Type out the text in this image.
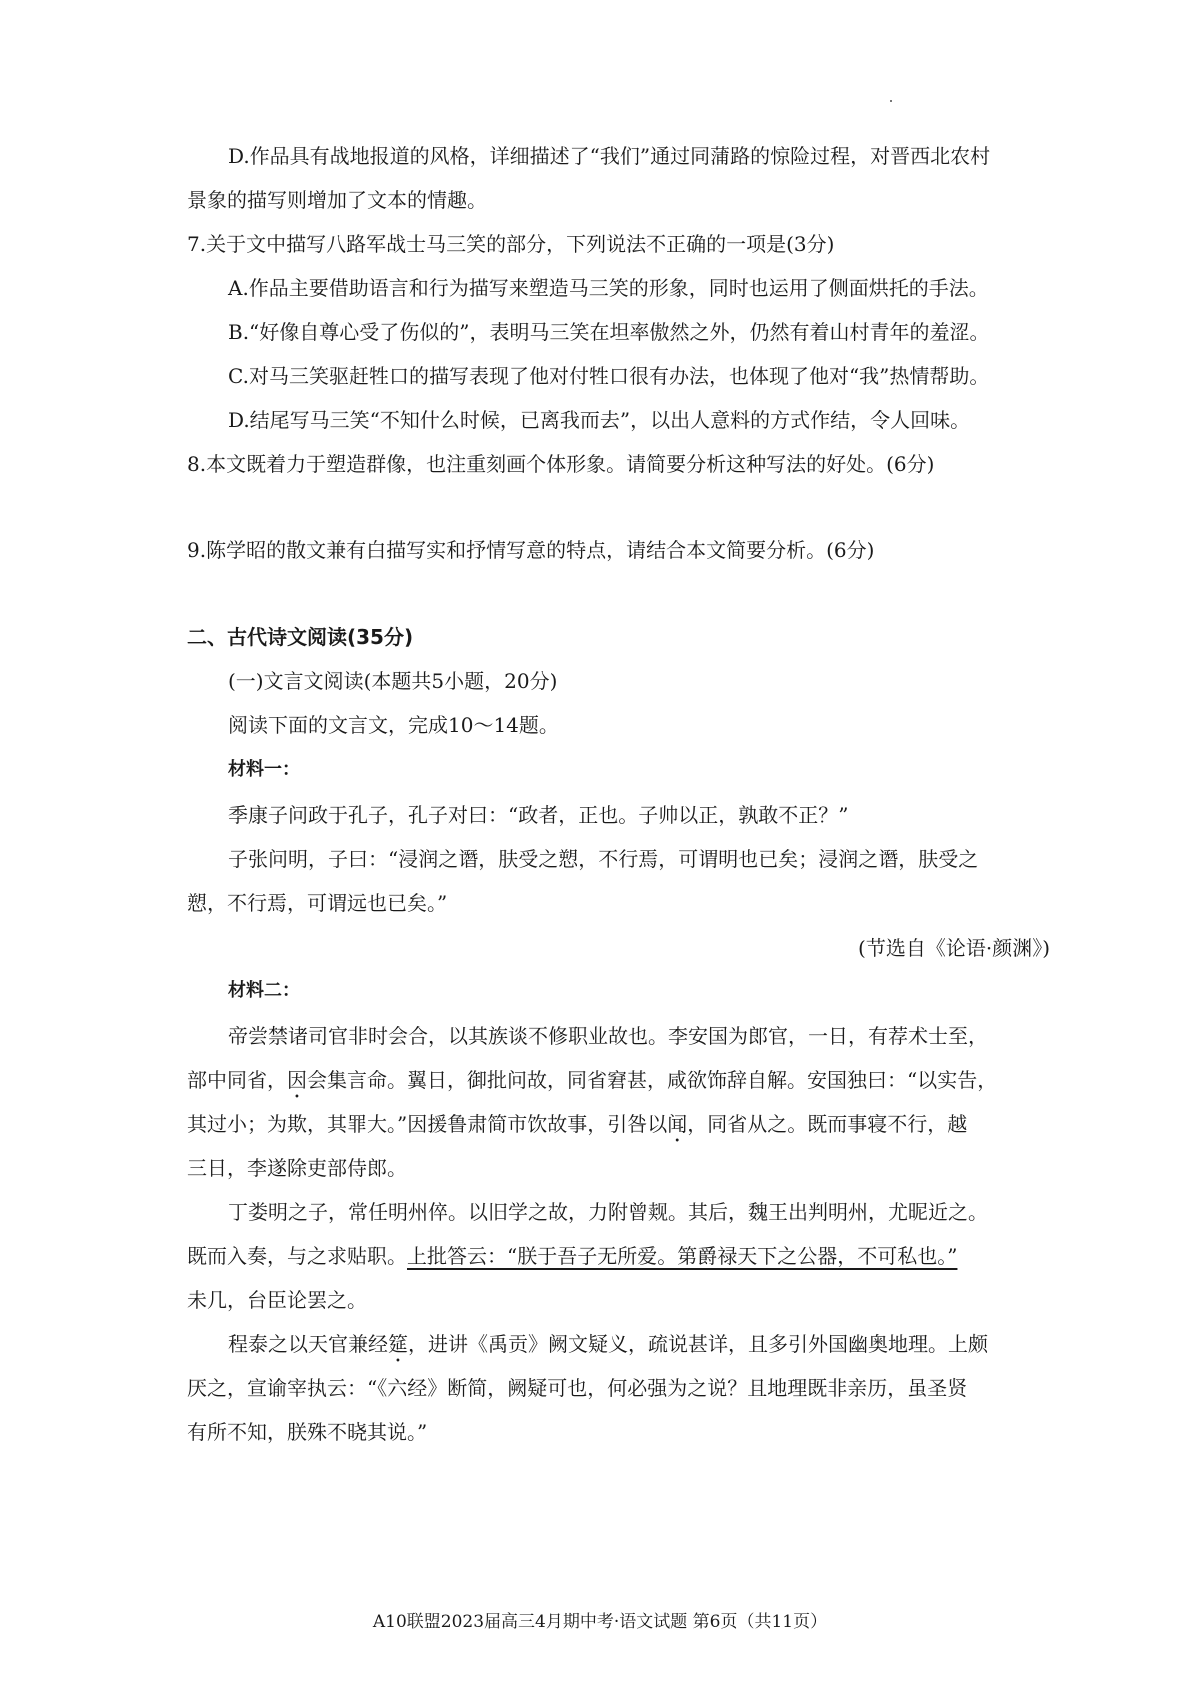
D.作品具有战地报道的风格，详细描述了“我们”通过同蒲路的惊险过程，对晋西北农村
景象的描写则增加了文本的情趣。
7.关于文中描写八路军战士马三笑的部分，下列说法不正确的一项是(3分)
A.作品主要借助语言和行为描写来塑造马三笑的形象，同时也运用了侧面烘托的手法。
B.“好像自尊心受了伤似的”，表明马三笑在坦率傲然之外，仍然有着山村青年的羞涩。
C.对马三笑驱赶牲口的描写表现了他对付牲口很有办法，也体现了他对“我”热情帮助。
D.结尾写马三笑“不知什么时候，已离我而去”，以出人意料的方式作结，令人回味。
8.本文既着力于塑造群像，也注重刻画个体形象。请简要分析这种写法的好处。(6分)
9.陈学昭的散文兼有白描写实和抒情写意的特点，请结合本文简要分析。(6分)
二、古代诗文阅读(35分)
(一)文言文阅读(本题共5小题，20分)
阅读下面的文言文，完成10～14题。
材料一：
季康子问政于孔子，孔子对曰：“政者，正也。子帅以正，孰敢不正？”
子张问明，子曰：“浸润之谮，肤受之愬，不行焉，可谓明也已矣；浸润之谮，肤受之
愬，不行焉，可谓远也已矣。”
(节选自《论语·颜渊》)
材料二：
帝尝禁诸司官非时会合，以其族谈不修职业故也。李安国为郎官，一日，有荐术士至，
部中同省，因会集言命。翼日，御批问故，同省窘甚，咸欲饰辞自解。安国独曰：“以实告，
其过小；为欺，其罪大。”因援鲁肃简市饮故事，引咎以闻，同省从之。既而事寝不行，越
三日，李遂除吏部侍郎。
丁娄明之子，常任明州倅。以旧学之故，力附曾觌。其后，魏王出判明州，尤昵近之。
既而入奏，与之求贴职。上批答云：“朕于吾子无所爱。第爵禄天下之公器，不可私也。”
未几，台臣论罢之。
程泰之以天官兼经筵，进讲《禹贡》阙文疑义，疏说甚详，且多引外国幽奥地理。上颇
厌之，宣谕宰执云：“《六经》断简，阙疑可也，何必强为之说？且地理既非亲历，虽圣贤
有所不知，朕殊不晓其说。”
A10联盟2023届高三4月期中考·语文试题 第6页（共11页）
